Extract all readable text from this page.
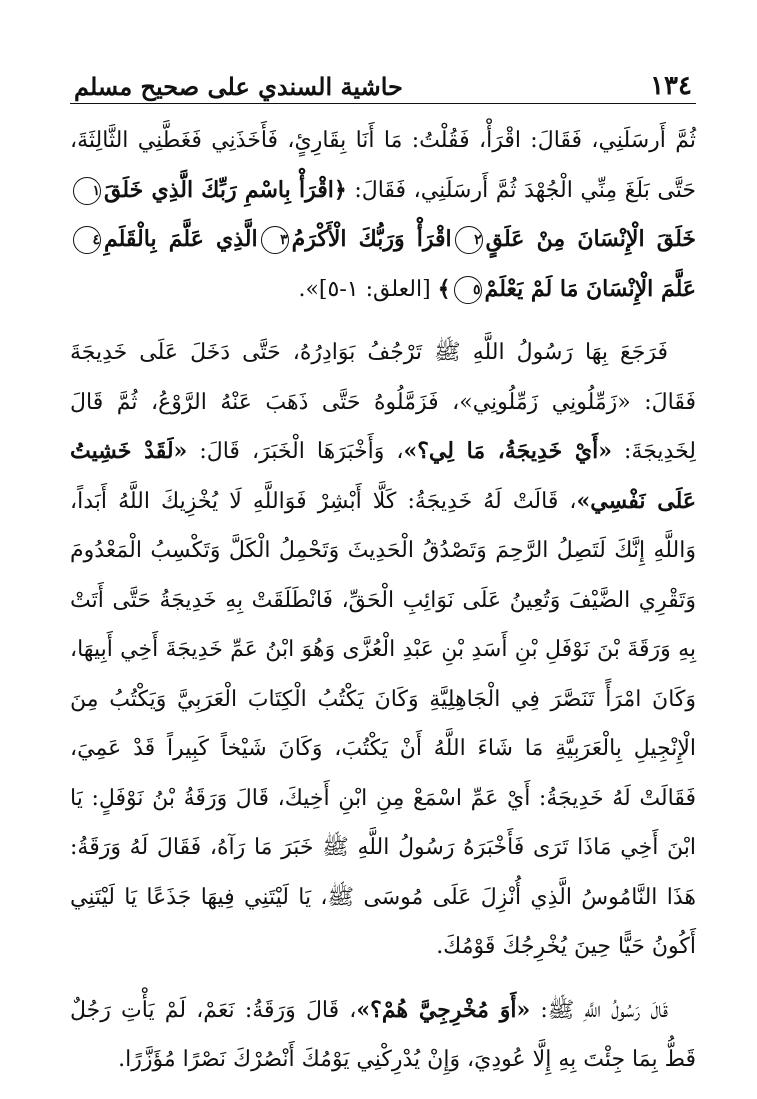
١٣٤
حاشية السندي على صحيح مسلم

ثُمَّ أَرسَلَنِي، فَقَالَ: اقْرَأْ، فَقُلْتُ: مَا أَنَا بِقَارِئٍ، فَأَخَذَنِي فَغَطَّنِي الثَّالِثَةَ، حَتَّى بَلَغَ مِنِّي الْجُهْدَ ثُمَّ أَرسَلَنِي، فَقَالَ: ﴿اقْرَأْ بِاسْمِ رَبِّكَ الَّذِي خَلَقَ١خَلَقَ الْإِنْسَانَ مِنْ عَلَقٍ٢اقْرَأْ وَرَبُّكَ الْأَكْرَمُ٣الَّذِي عَلَّمَ بِالْقَلَمِ٤عَلَّمَ الْإِنْسَانَ مَا لَمْ يَعْلَمْ٥﴾ [العلق: ١-٥]».

فَرَجَعَ بِهَا رَسُولُ اللَّهِ ﷺ تَرْجُفُ بَوَادِرُهُ، حَتَّى دَخَلَ عَلَى خَدِيجَةَ فَقَالَ: «زَمِّلُونِي زَمِّلُونِي»، فَزَمَّلُوهُ حَتَّى ذَهَبَ عَنْهُ الرَّوْعُ، ثُمَّ قَالَ لِخَدِيجَةَ: «أَيْ خَدِيجَةُ، مَا لِي؟»، وَأَخْبَرَهَا الْخَبَرَ، قَالَ: «لَقَدْ خَشِيتُ عَلَى نَفْسِي»، قَالَتْ لَهُ خَدِيجَةُ: كَلَّا أَبْشِرْ فَوَاللَّهِ لَا يُخْزِيكَ اللَّهُ أَبَداً، وَاللَّهِ إِنَّكَ لَتَصِلُ الرَّحِمَ وَتَصْدُقُ الْحَدِيثَ وَتَحْمِلُ الْكَلَّ وَتَكْسِبُ الْمَعْدُومَ وَتَقْرِي الضَّيْفَ وَتُعِينُ عَلَى نَوَائِبِ الْحَقِّ، فَانْطَلَقَتْ بِهِ خَدِيجَةُ حَتَّى أَتَتْ بِهِ وَرَقَةَ بْنَ نَوْفَلِ بْنِ أَسَدِ بْنِ عَبْدِ الْعُزَّى وَهُوَ ابْنُ عَمِّ خَدِيجَةَ أَخِي أَبِيهَا، وَكَانَ امْرَأً تَنَصَّرَ فِي الْجَاهِلِيَّةِ وَكَانَ يَكْتُبُ الْكِتَابَ الْعَرَبِيَّ وَيَكْتُبُ مِنَ الْإِنْجِيلِ بِالْعَرَبِيَّةِ مَا شَاءَ اللَّهُ أَنْ يَكْتُبَ، وَكَانَ شَيْخاً كَبِيراً قَدْ عَمِيَ، فَقَالَتْ لَهُ خَدِيجَةُ: أَيْ عَمِّ اسْمَعْ مِنِ ابْنِ أَخِيكَ، قَالَ وَرَقَةُ بْنُ نَوْفَلٍ: يَا ابْنَ أَخِي مَاذَا تَرَى فَأَخْبَرَهُ رَسُولُ اللَّهِ ﷺ خَبَرَ مَا رَآهُ، فَقَالَ لَهُ وَرَقَةُ: هَذَا النَّامُوسُ الَّذِي أُنْزِلَ عَلَى مُوسَى ﷺ، يَا لَيْتَنِي فِيهَا جَذَعًا يَا لَيْتَنِي أَكُونُ حَيًّا حِينَ يُخْرِجُكَ قَوْمُكَ.

قَالَ رَسُولُ اللَّهِ ﷺ: «أَوَ مُخْرِجِيَّ هُمْ؟»، قَالَ وَرَقَةُ: نَعَمْ، لَمْ يَأْتِ رَجُلٌ قَطُّ بِمَا جِئْتَ بِهِ إِلَّا عُودِيَ، وَإِنْ يُدْرِكْنِي يَوْمُكَ أَنْصُرْكَ نَصْرًا مُؤَزَّرًا.
